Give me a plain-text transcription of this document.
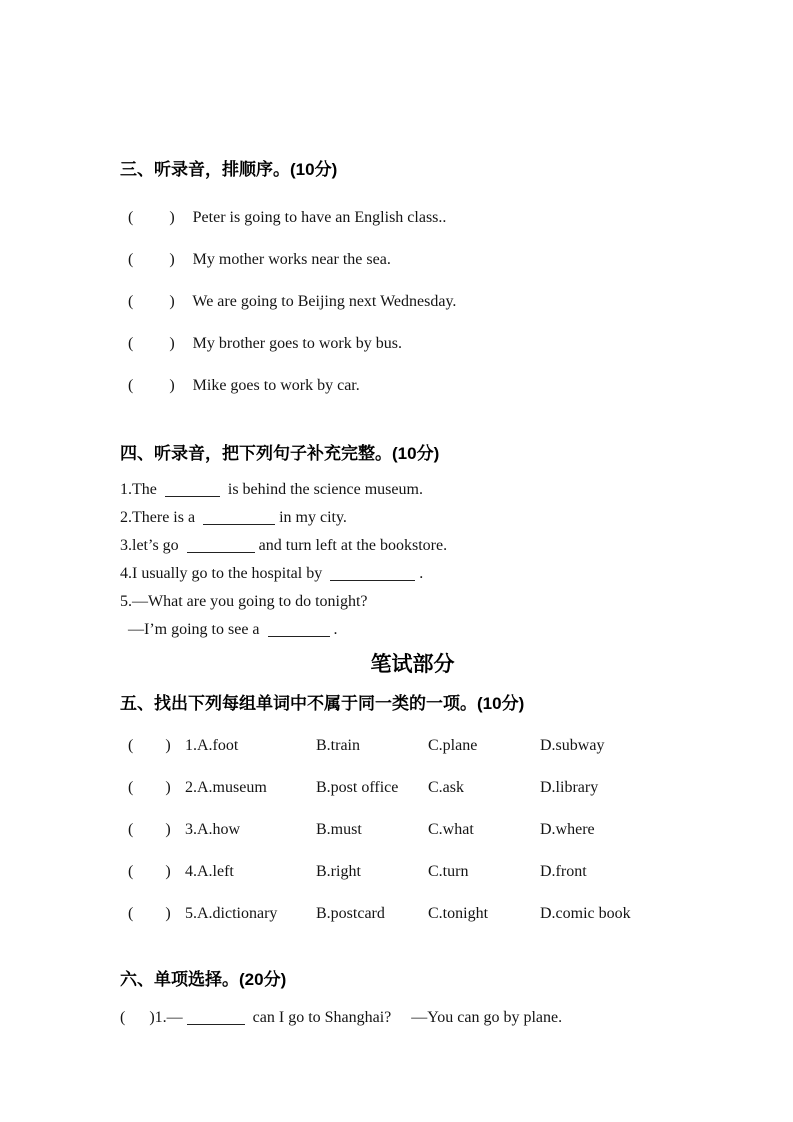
三、听录音，排顺序。(10分)
(         ) Peter is going to have an English class..
(         ) My mother works near the sea.
(         ) We are going to Beijing next Wednesday.
(         ) My brother goes to work by bus.
(         ) Mike goes to work by car.
四、听录音，把下列句子补充完整。(10分)
1.The	is behind the science museum.
2.There is a	in my city.
3.let’s go	and turn left at the bookstore.
4.I usually go to the hospital by	.
5.—What are you going to do tonight?
—I’m going to see a	.
笔试部分
五、找出下列每组单词中不属于同一类的一项。(10分)
(        ) 1.A.foot	B.train	C.plane	D.subway
(        ) 2.A.museum	B.post office	C.ask	D.library
(        ) 3.A.how	B.must	C.what	D.where
(        ) 4.A.left	B.right	C.turn	D.front
(        ) 5.A.dictionary	B.postcard	C.tonight	D.comic book
六、单项选择。(20分)
(      )1.—	can I go to Shanghai? —You can go by plane.
